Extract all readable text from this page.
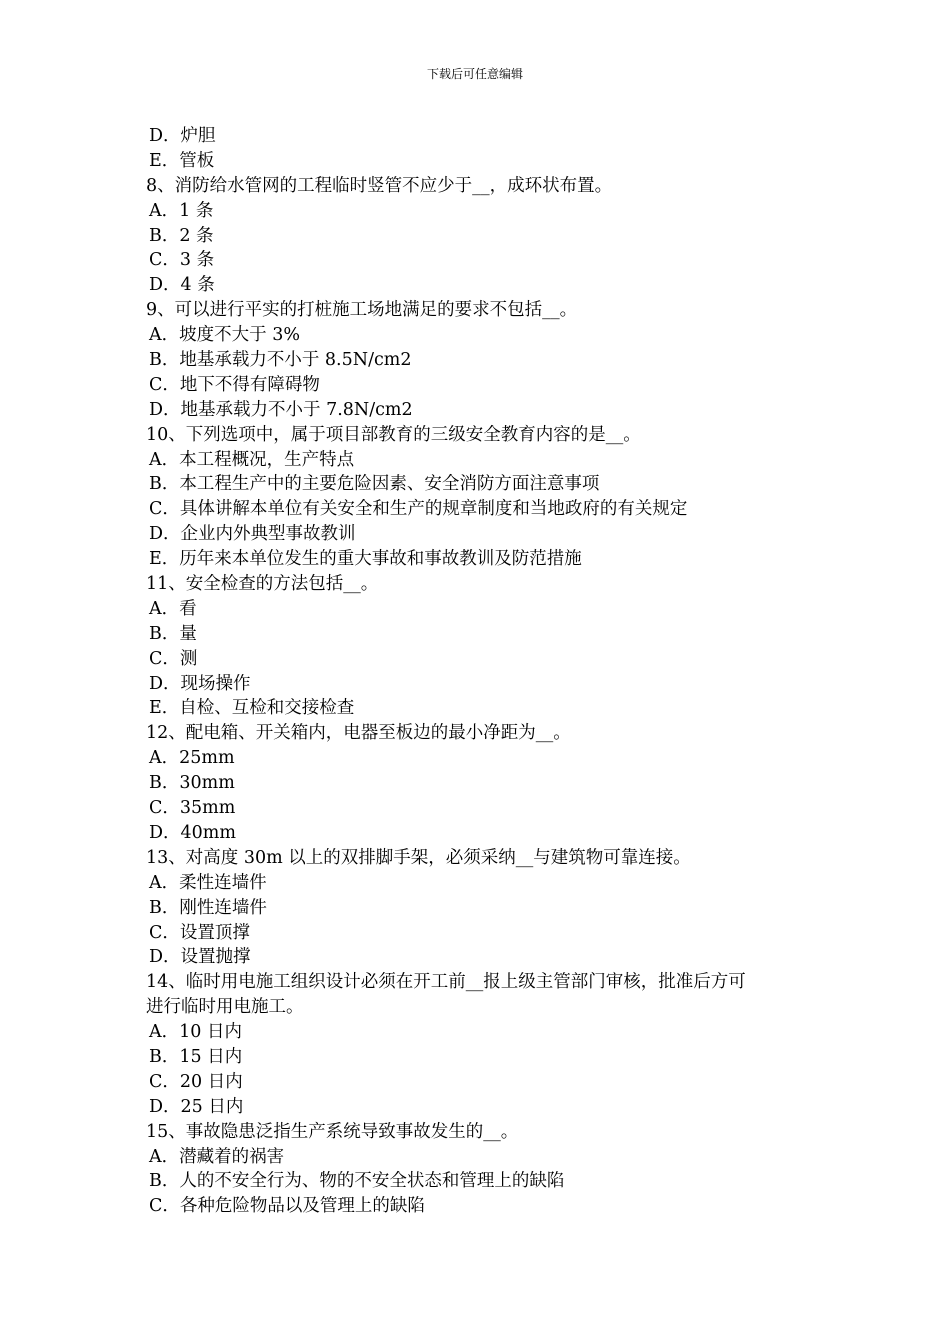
下载后可任意编辑
D．炉胆
E．管板
8、消防给水管网的工程临时竖管不应少于__，成环状布置。
A．1 条
B．2 条
C．3 条
D．4 条
9、可以进行平实的打桩施工场地满足的要求不包括__。
A．坡度不大于 3%
B．地基承载力不小于 8.5N/cm2
C．地下不得有障碍物
D．地基承载力不小于 7.8N/cm2
10、下列选项中，属于项目部教育的三级安全教育内容的是__。
A．本工程概况，生产特点
B．本工程生产中的主要危险因素、安全消防方面注意事项
C．具体讲解本单位有关安全和生产的规章制度和当地政府的有关规定
D．企业内外典型事故教训
E．历年来本单位发生的重大事故和事故教训及防范措施
11、安全检查的方法包括__。
A．看
B．量
C．测
D．现场操作
E．自检、互检和交接检查
12、配电箱、开关箱内，电器至板边的最小净距为__。
A．25mm
B．30mm
C．35mm
D．40mm
13、对高度 30m 以上的双排脚手架，必须采纳__与建筑物可靠连接。
A．柔性连墙件
B．刚性连墙件
C．设置顶撑
D．设置抛撑
14、临时用电施工组织设计必须在开工前__报上级主管部门审核，批准后方可
进行临时用电施工。
A．10 日内
B．15 日内
C．20 日内
D．25 日内
15、事故隐患泛指生产系统导致事故发生的__。
A．潜藏着的祸害
B．人的不安全行为、物的不安全状态和管理上的缺陷
C．各种危险物品以及管理上的缺陷
